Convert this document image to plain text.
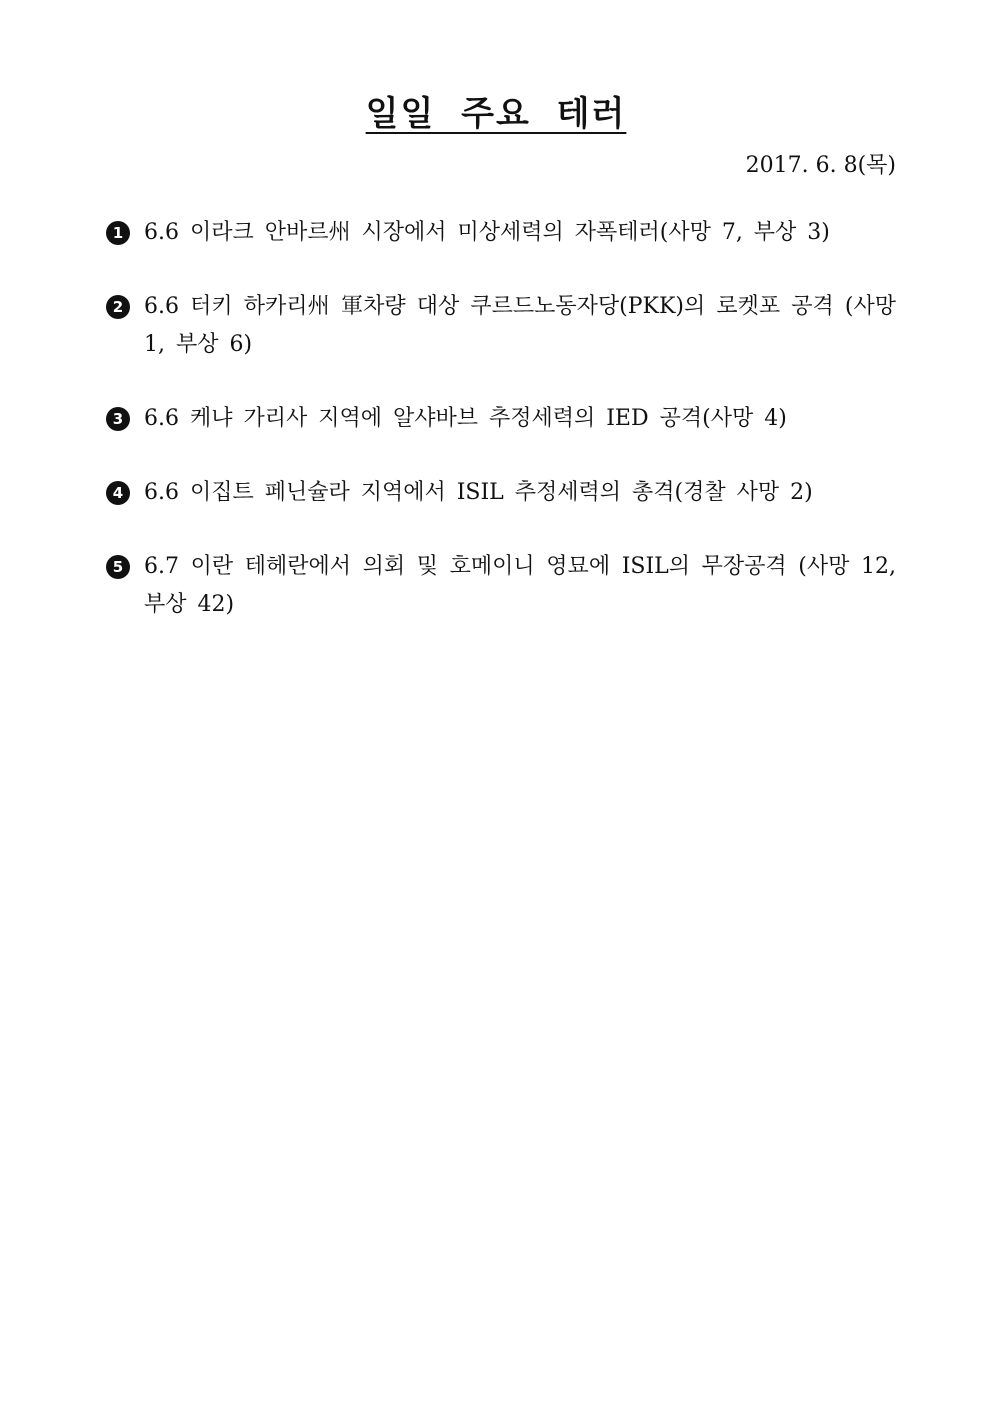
일일 주요 테러

2017. 6. 8(목)

1 6.6 이라크 안바르州 시장에서 미상세력의 자폭테러(사망 7, 부상 3)
2 6.6 터키 하카리州 軍차량 대상 쿠르드노동자당(PKK)의 로켓포 공격 (사망 1, 부상 6)
3 6.6 케냐 가리사 지역에 알샤바브 추정세력의 IED 공격(사망 4)
4 6.6 이집트 페닌슐라 지역에서 ISIL 추정세력의 총격(경찰 사망 2)
5 6.7 이란 테헤란에서 의회 및 호메이니 영묘에 ISIL의 무장공격 (사망 12, 부상 42)
